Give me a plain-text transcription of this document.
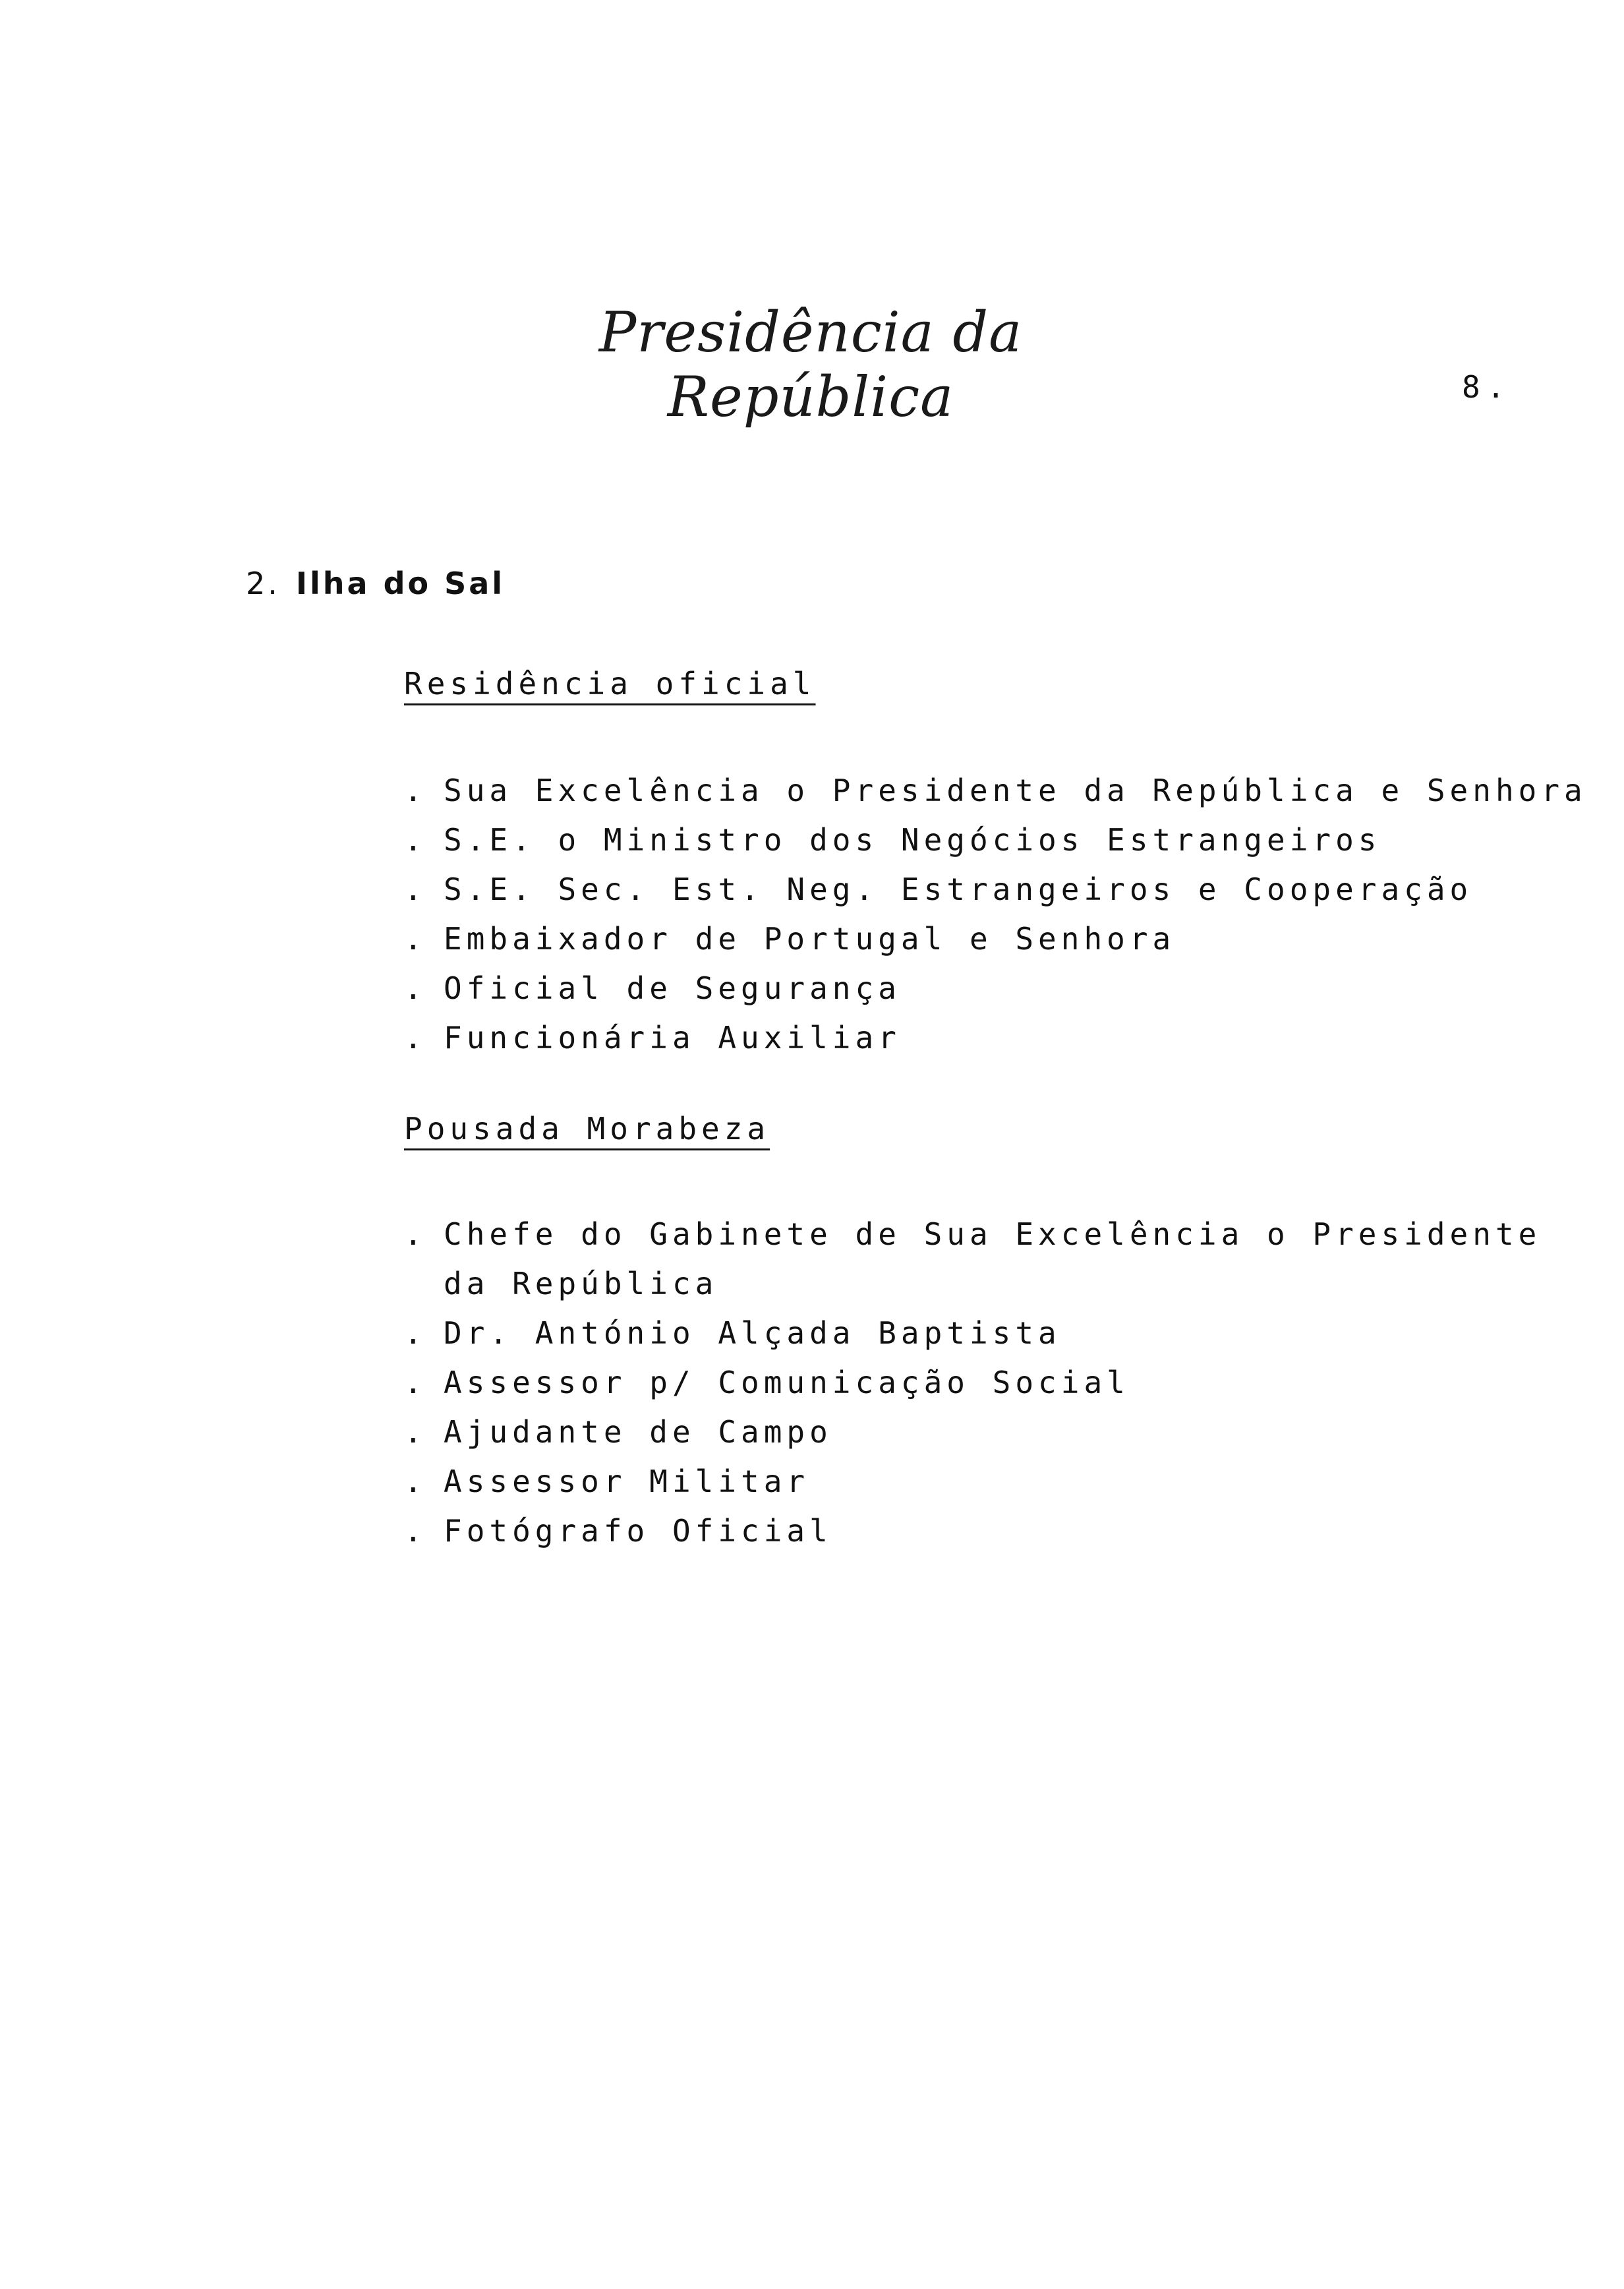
Presidência da República	8.
2. Ilha do Sal
Residência oficial
. Sua Excelência o Presidente da República e Senhora
. S.E. o Ministro dos Negócios Estrangeiros
. S.E. Sec. Est. Neg. Estrangeiros e Cooperação
. Embaixador de Portugal e Senhora
. Oficial de Segurança
. Funcionária Auxiliar
Pousada Morabeza
. Chefe do Gabinete de Sua Excelência o Presidente
da República
. Dr. António Alçada Baptista
. Assessor p/ Comunicação Social
. Ajudante de Campo
. Assessor Militar
. Fotógrafo Oficial
